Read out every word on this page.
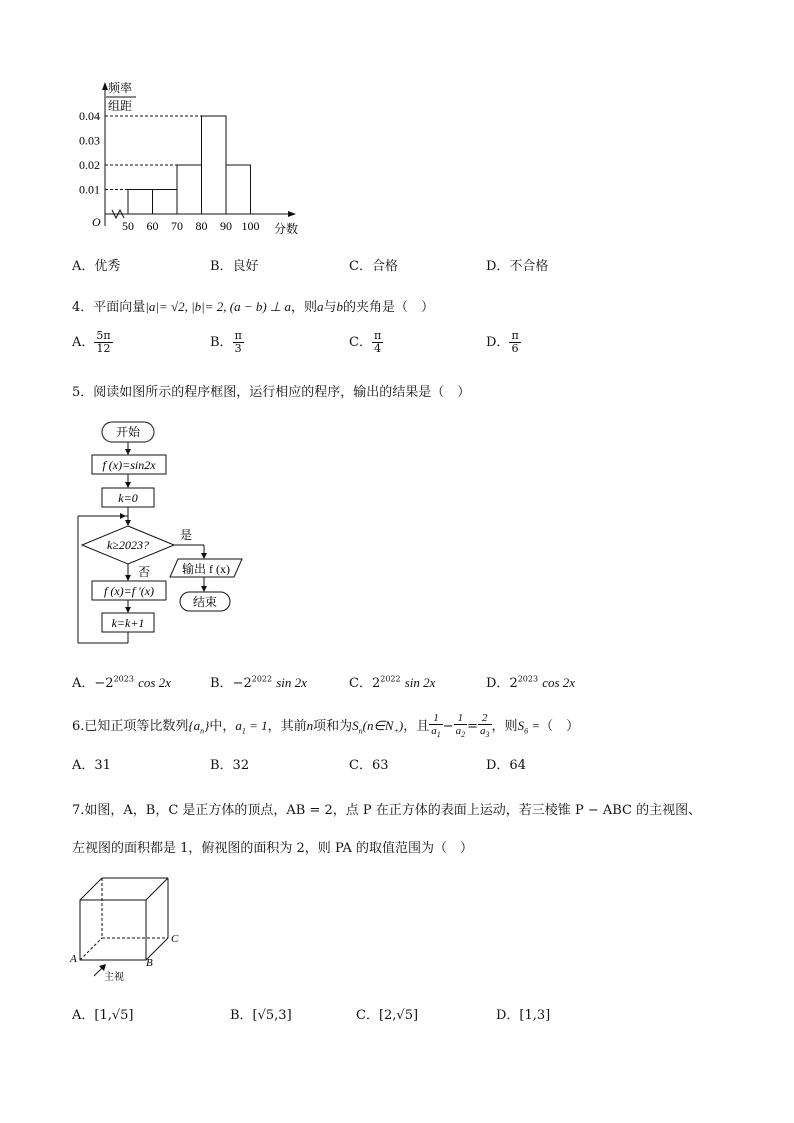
频率
组距
0.04
0.03
0.02
0.01
50 60 70 80 90 100
O	分数
A．优秀	B．良好	C．合格	D．不合格
4．平面向量|a|= √2, |b|= 2, (a − b) ⊥ a，则a与b的夹角是（　）
A． $\frac{5\pi}{12}$	B． $\frac{\pi}{3}$	C． $\frac{\pi}{4}$	D． $\frac{\pi}{6}$
5．阅读如图所示的程序框图，运行相应的程序，输出的结果是（　）
开始
f (x)=sin2x
k=0
k≥2023?
是
输出 f (x)
结束
否
f (x)=f ′(x)
k=k+1
A．$-2^{2023}$ cos 2x	B．$-2^{2022}$ sin 2x	C．$2^{2022}$ sin 2x	D．$2^{2023}$ cos 2x
6.已知正项等比数列$\{a_n\}$中，$a_1 = 1$，其前n项和为$S_n(n\in N_+)$，且 $\frac{1}{a_1} - \frac{1}{a_2} = \frac{2}{a_3}$ ，则$S_6$ =（　）
A．31	B．32	C．63	D．64
7.如图，A，B，C 是正方体的顶点，AB = 2，点 P 在正方体的表面上运动，若三棱锥 P − ABC 的主视图、
左视图的面积都是 1，俯视图的面积为 2，则 PA 的取值范围为（　）
A	B
C
主视
A．[1,√5]	B．[√5,3]	C．[2,√5]	D．[1,3]
